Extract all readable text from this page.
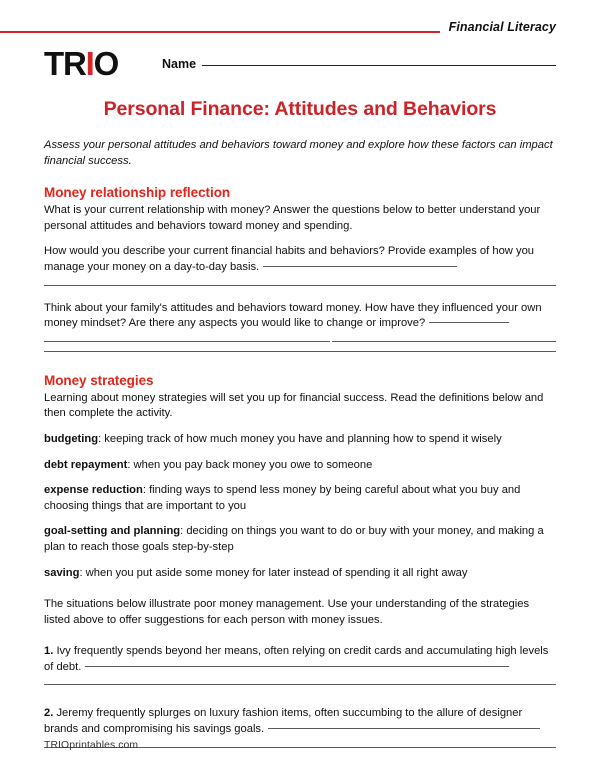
Financial Literacy
TRIO	Name
Personal Finance: Attitudes and Behaviors

Assess your personal attitudes and behaviors toward money and explore how these factors can impact financial success.

Money relationship reflection

What is your current relationship with money? Answer the questions below to better understand your personal attitudes and behaviors toward money and spending.

How would you describe your current financial habits and behaviors? Provide examples of how you manage your money on a day-to-day basis.

Think about your family's attitudes and behaviors toward money. How have they influenced your own money mindset? Are there any aspects you would like to change or improve?

Money strategies

Learning about money strategies will set you up for financial success. Read the definitions below and then complete the activity.

budgeting: keeping track of how much money you have and planning how to spend it wisely

debt repayment: when you pay back money you owe to someone

expense reduction: finding ways to spend less money by being careful about what you buy and choosing things that are important to you

goal-setting and planning: deciding on things you want to do or buy with your money, and making a plan to reach those goals step-by-step

saving: when you put aside some money for later instead of spending it all right away

The situations below illustrate poor money management. Use your understanding of the strategies listed above to offer suggestions for each person with money issues.

1. Ivy frequently spends beyond her means, often relying on credit cards and accumulating high levels of debt.

2. Jeremy frequently splurges on luxury fashion items, often succumbing to the allure of designer brands and compromising his savings goals.

TRIOprintables.com
